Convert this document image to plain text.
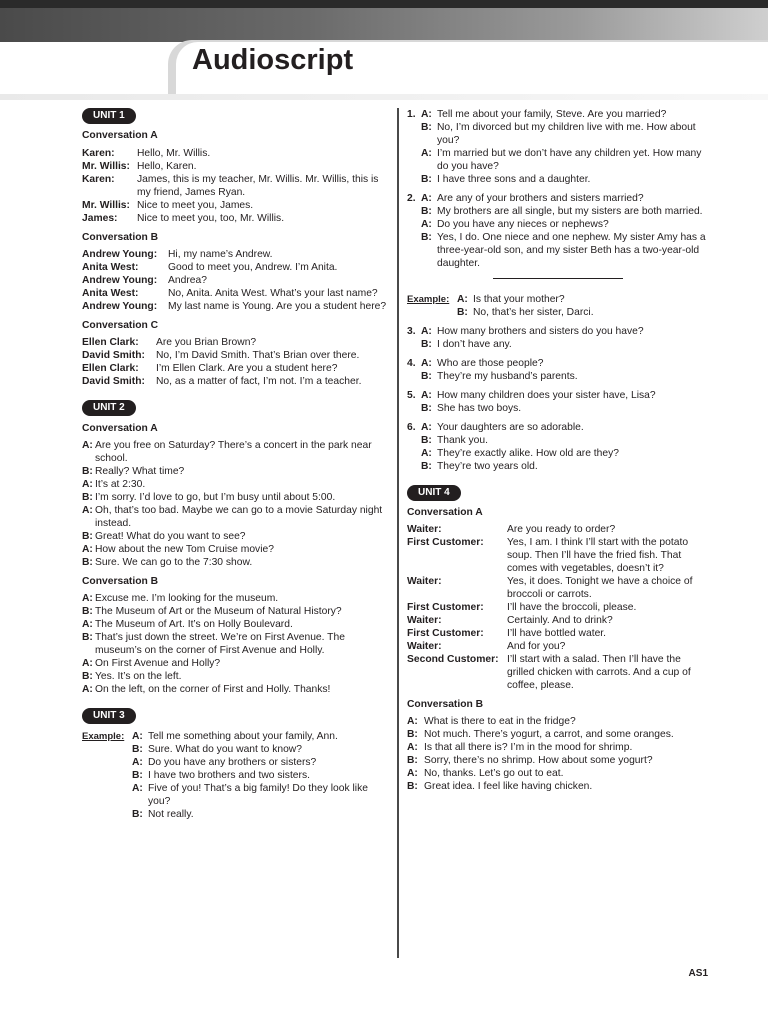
Audioscript
UNIT 1
Conversation A
Karen:	Hello, Mr. Willis.
Mr. Willis: Hello, Karen.
Karen:	James, this is my teacher, Mr. Willis. Mr. Willis, this is my friend, James Ryan.
Mr. Willis: Nice to meet you, James.
James:	Nice to meet you, too, Mr. Willis.
Conversation B
Andrew Young:	Hi, my name’s Andrew.
Anita West:	Good to meet you, Andrew. I’m Anita.
Andrew Young:	Andrea?
Anita West:	No, Anita. Anita West. What’s your last name?
Andrew Young:	My last name is Young. Are you a student here?
Conversation C
Ellen Clark:	Are you Brian Brown?
David Smith:	No, I’m David Smith. That’s Brian over there.
Ellen Clark:	I’m Ellen Clark. Are you a student here?
David Smith:	No, as a matter of fact, I’m not. I’m a teacher.
UNIT 2
Conversation A
A: Are you free on Saturday? There’s a concert in the park near school.
B: Really? What time?
A: It’s at 2:30.
B: I’m sorry. I’d love to go, but I’m busy until about 5:00.
A: Oh, that’s too bad. Maybe we can go to a movie Saturday night instead.
B: Great! What do you want to see?
A: How about the new Tom Cruise movie?
B: Sure. We can go to the 7:30 show.
Conversation B
A: Excuse me. I’m looking for the museum.
B: The Museum of Art or the Museum of Natural History?
A: The Museum of Art. It’s on Holly Boulevard.
B: That’s just down the street. We’re on First Avenue. The museum’s on the corner of First Avenue and Holly.
A: On First Avenue and Holly?
B: Yes. It’s on the left.
A: On the left, on the corner of First and Holly. Thanks!
UNIT 3
Example: A: Tell me something about your family, Ann.
B: Sure. What do you want to know?
A: Do you have any brothers or sisters?
B: I have two brothers and two sisters.
A: Five of you! That’s a big family! Do they look like you?
B: Not really.
1. A: Tell me about your family, Steve. Are you married?
B: No, I’m divorced but my children live with me. How about you?
A: I’m married but we don’t have any children yet. How many do you have?
B: I have three sons and a daughter.
2. A: Are any of your brothers and sisters married?
B: My brothers are all single, but my sisters are both married.
A: Do you have any nieces or nephews?
B: Yes, I do. One niece and one nephew. My sister Amy has a three-year-old son, and my sister Beth has a two-year-old daughter.
Example: A: Is that your mother?
B: No, that’s her sister, Darci.
3. A: How many brothers and sisters do you have?
B: I don’t have any.
4. A: Who are those people?
B: They’re my husband’s parents.
5. A: How many children does your sister have, Lisa?
B: She has two boys.
6. A: Your daughters are so adorable.
B: Thank you.
A: They’re exactly alike. How old are they?
B: They’re two years old.
UNIT 4
Conversation A
Waiter:	Are you ready to order?
First Customer:	Yes, I am. I think I’ll start with the potato soup. Then I’ll have the fried fish. That comes with vegetables, doesn’t it?
Waiter:	Yes, it does. Tonight we have a choice of broccoli or carrots.
First Customer:	I’ll have the broccoli, please.
Waiter:	Certainly. And to drink?
First Customer:	I’ll have bottled water.
Waiter:	And for you?
Second Customer: I’ll start with a salad. Then I’ll have the grilled chicken with carrots. And a cup of coffee, please.
Conversation B
A: What is there to eat in the fridge?
B: Not much. There’s yogurt, a carrot, and some oranges.
A: Is that all there is? I’m in the mood for shrimp.
B: Sorry, there’s no shrimp. How about some yogurt?
A: No, thanks. Let’s go out to eat.
B: Great idea. I feel like having chicken.
AS1
